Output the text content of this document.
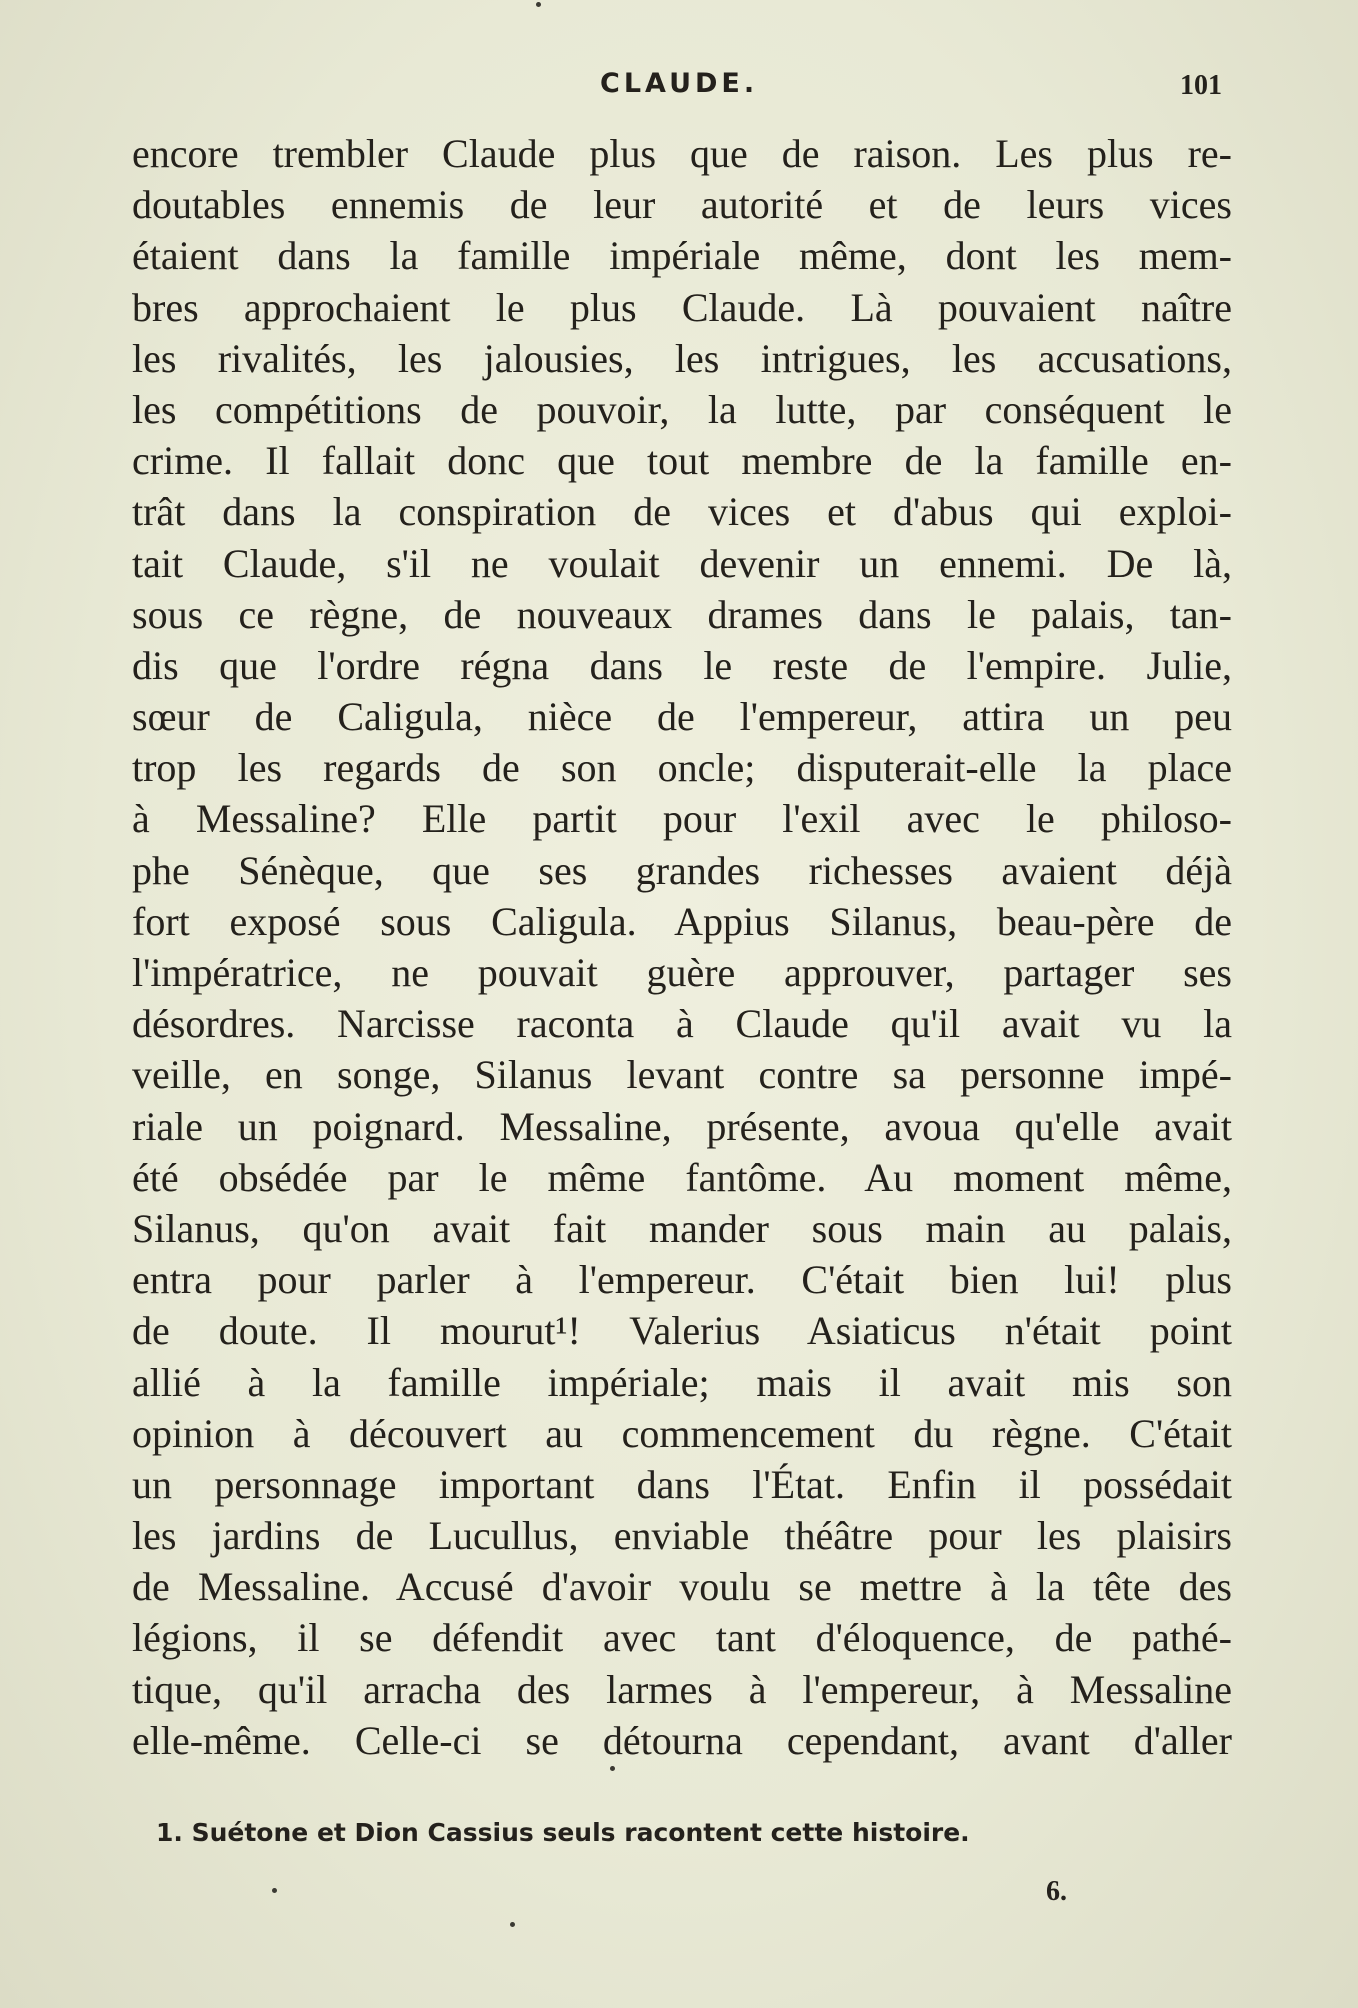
CLAUDE.	101
encore trembler Claude plus que de raison. Les plus re-
doutables ennemis de leur autorité et de leurs vices
étaient dans la famille impériale même, dont les mem-
bres approchaient le plus Claude. Là pouvaient naître
les rivalités, les jalousies, les intrigues, les accusations,
les compétitions de pouvoir, la lutte, par conséquent le
crime. Il fallait donc que tout membre de la famille en-
trât dans la conspiration de vices et d'abus qui exploi-
tait Claude, s'il ne voulait devenir un ennemi. De là,
sous ce règne, de nouveaux drames dans le palais, tan-
dis que l'ordre régna dans le reste de l'empire. Julie,
sœur de Caligula, nièce de l'empereur, attira un peu
trop les regards de son oncle; disputerait-elle la place
à Messaline? Elle partit pour l'exil avec le philoso-
phe Sénèque, que ses grandes richesses avaient déjà
fort exposé sous Caligula. Appius Silanus, beau-père de
l'impératrice, ne pouvait guère approuver, partager ses
désordres. Narcisse raconta à Claude qu'il avait vu la
veille, en songe, Silanus levant contre sa personne impé-
riale un poignard. Messaline, présente, avoua qu'elle avait
été obsédée par le même fantôme. Au moment même,
Silanus, qu'on avait fait mander sous main au palais,
entra pour parler à l'empereur. C'était bien lui! plus
de doute. Il mourut¹! Valerius Asiaticus n'était point
allié à la famille impériale; mais il avait mis son
opinion à découvert au commencement du règne. C'était
un personnage important dans l'État. Enfin il possédait
les jardins de Lucullus, enviable théâtre pour les plaisirs
de Messaline. Accusé d'avoir voulu se mettre à la tête des
légions, il se défendit avec tant d'éloquence, de pathé-
tique, qu'il arracha des larmes à l'empereur, à Messaline
elle-même. Celle-ci se détourna cependant, avant d'aller
1. Suétone et Dion Cassius seuls racontent cette histoire.
6.
